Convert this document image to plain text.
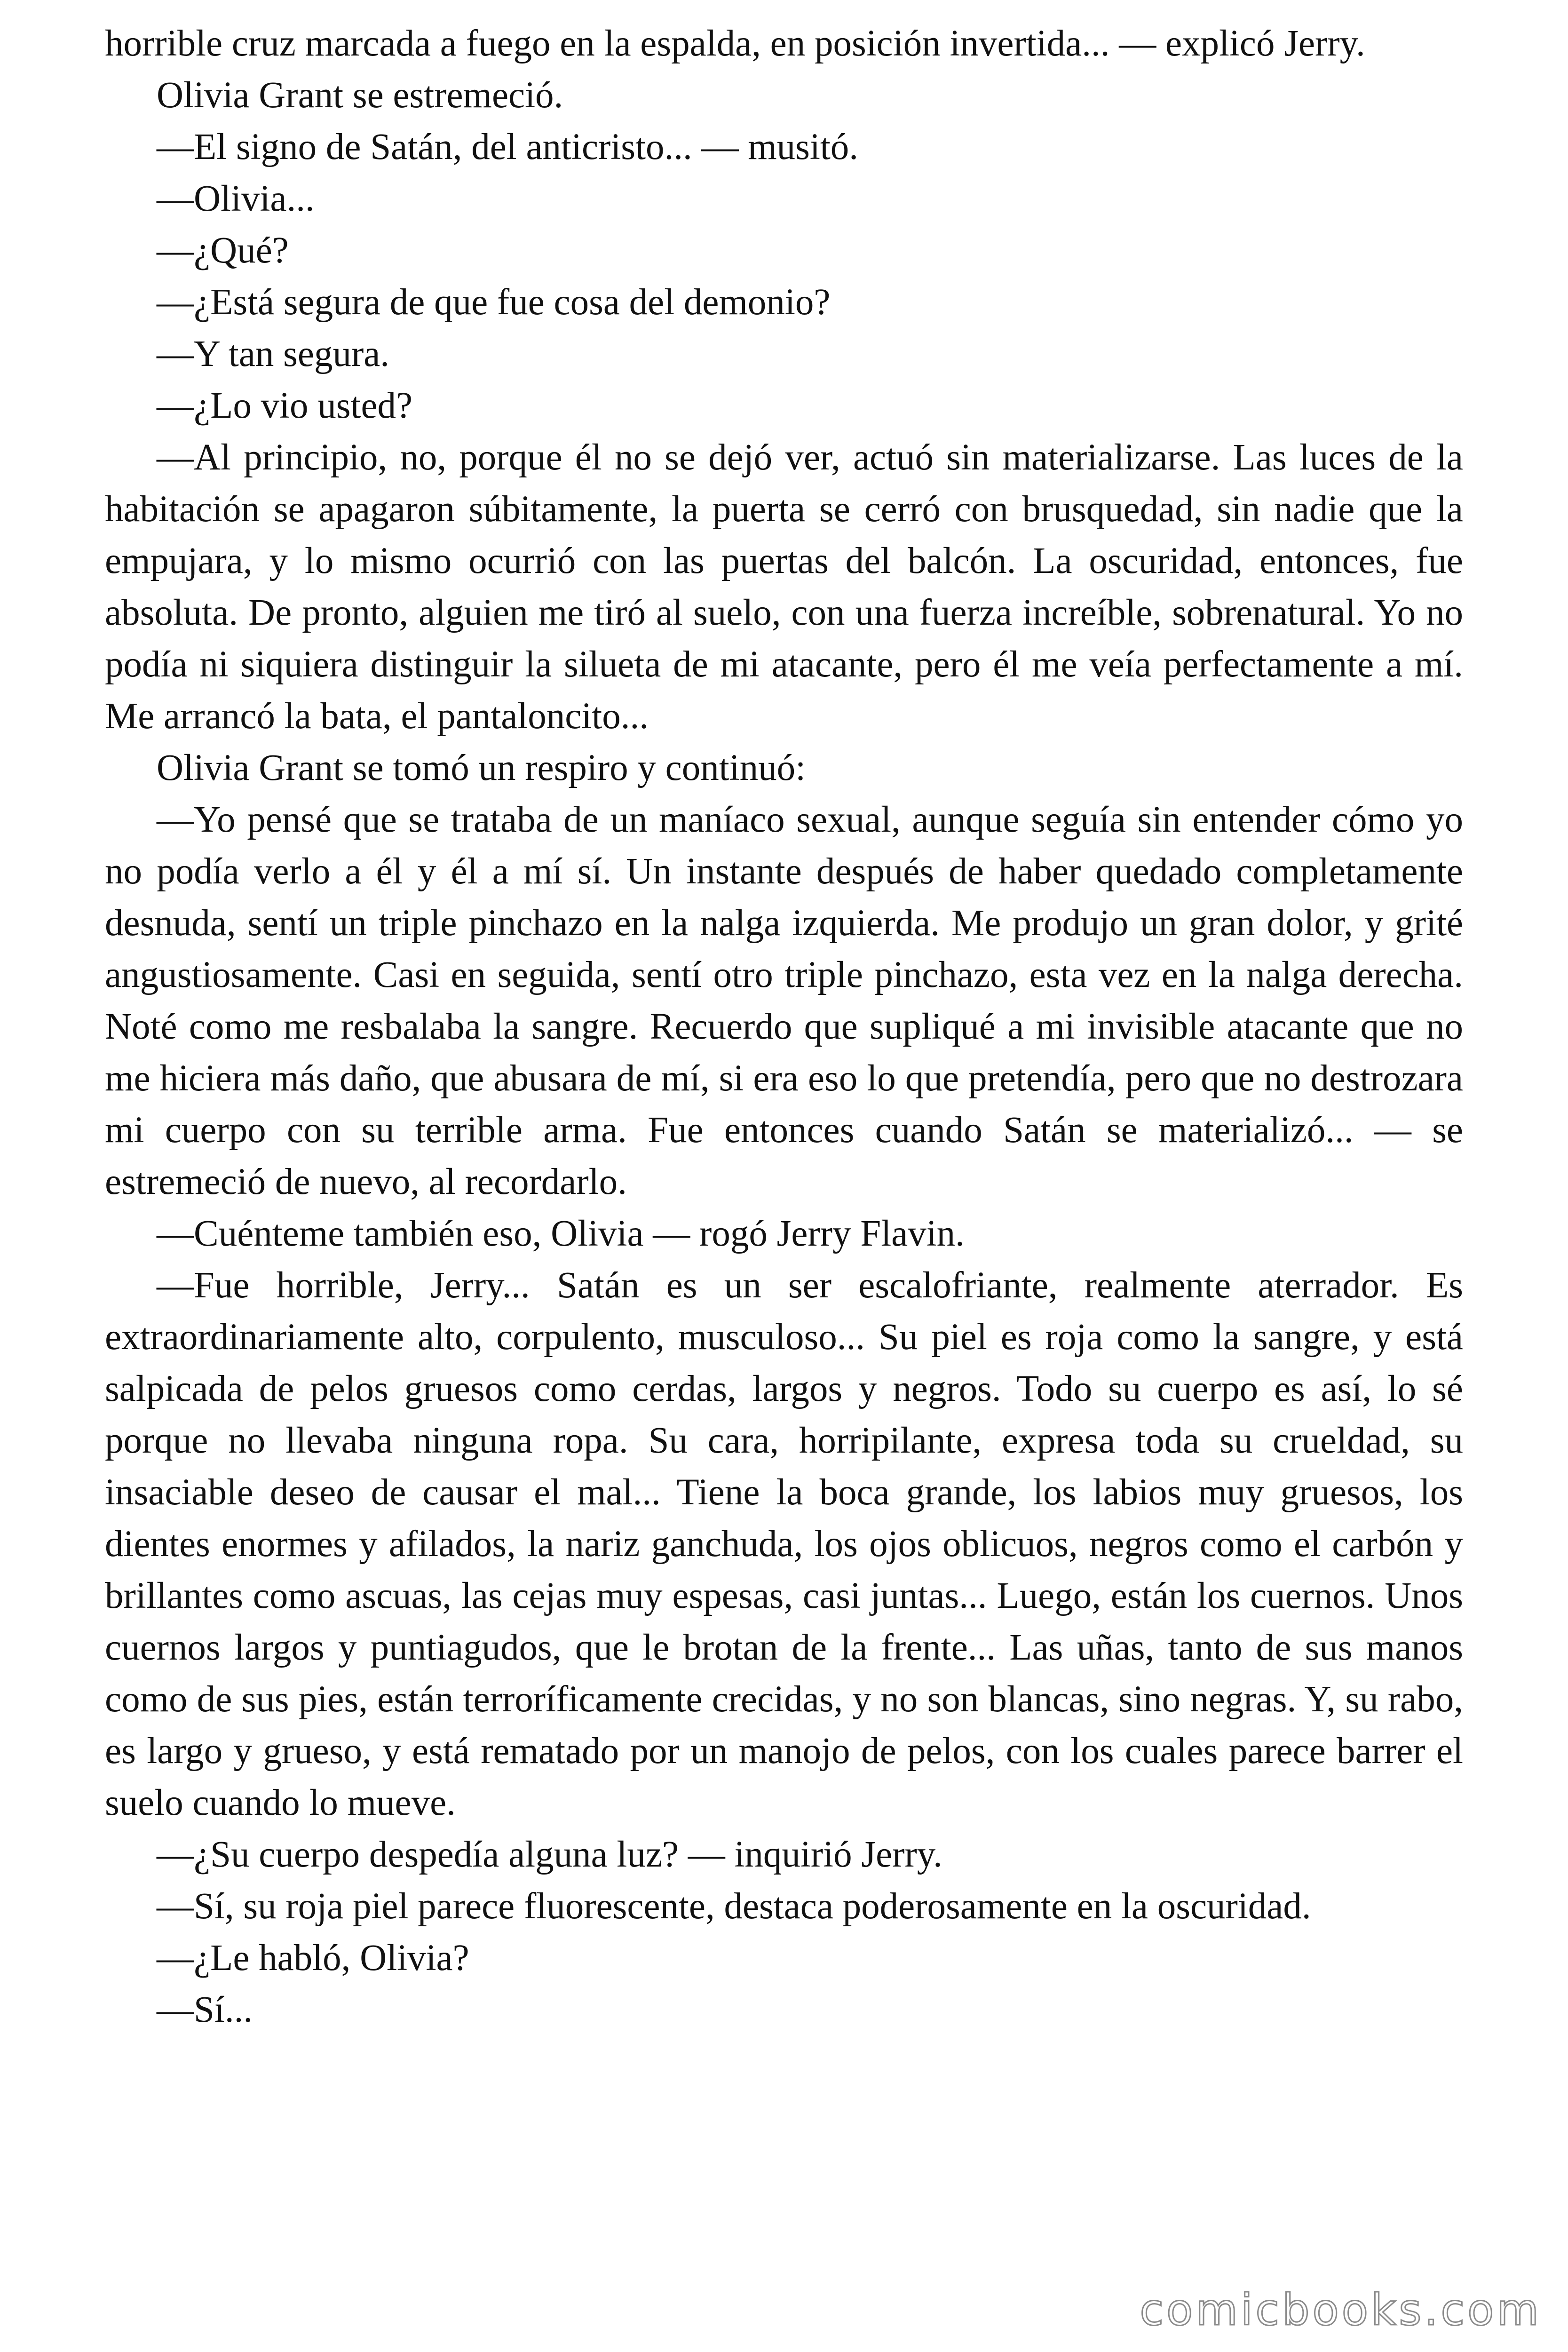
horrible cruz marcada a fuego en la espalda, en posición invertida... — explicó Jerry.

Olivia Grant se estremeció.

—El signo de Satán, del anticristo... — musitó.

—Olivia...

—¿Qué?

—¿Está segura de que fue cosa del demonio?

—Y tan segura.

—¿Lo vio usted?

—Al principio, no, porque él no se dejó ver, actuó sin materializarse. Las luces de la habitación se apagaron súbitamente, la puerta se cerró con brusquedad, sin nadie que la empujara, y lo mismo ocurrió con las puertas del balcón. La oscuridad, entonces, fue absoluta. De pronto, alguien me tiró al suelo, con una fuerza increíble, sobrenatural. Yo no podía ni siquiera distinguir la silueta de mi atacante, pero él me veía perfectamente a mí. Me arrancó la bata, el pantaloncito...

Olivia Grant se tomó un respiro y continuó:

—Yo pensé que se trataba de un maníaco sexual, aunque seguía sin entender cómo yo no podía verlo a él y él a mí sí. Un instante después de haber quedado completamente desnuda, sentí un triple pinchazo en la nalga izquierda. Me produjo un gran dolor, y grité angustiosamente. Casi en seguida, sentí otro triple pinchazo, esta vez en la nalga derecha. Noté como me resbalaba la sangre. Recuerdo que supliqué a mi invisible atacante que no me hiciera más daño, que abusara de mí, si era eso lo que pretendía, pero que no destrozara mi cuerpo con su terrible arma. Fue entonces cuando Satán se materializó... — se estremeció de nuevo, al recordarlo.

—Cuénteme también eso, Olivia — rogó Jerry Flavin.

—Fue horrible, Jerry... Satán es un ser escalofriante, realmente aterrador. Es extraordinariamente alto, corpulento, musculoso... Su piel es roja como la sangre, y está salpicada de pelos gruesos como cerdas, largos y negros. Todo su cuerpo es así, lo sé porque no llevaba ninguna ropa. Su cara, horripilante, expresa toda su crueldad, su insaciable deseo de causar el mal... Tiene la boca grande, los labios muy gruesos, los dientes enormes y afilados, la nariz ganchuda, los ojos oblicuos, negros como el carbón y brillantes como ascuas, las cejas muy espesas, casi juntas... Luego, están los cuernos. Unos cuernos largos y puntiagudos, que le brotan de la frente... Las uñas, tanto de sus manos como de sus pies, están terroríficamente crecidas, y no son blancas, sino negras. Y, su rabo, es largo y grueso, y está rematado por un manojo de pelos, con los cuales parece barrer el suelo cuando lo mueve.

—¿Su cuerpo despedía alguna luz? — inquirió Jerry.

—Sí, su roja piel parece fluorescente, destaca poderosamente en la oscuridad.

—¿Le habló, Olivia?

—Sí...

comicbooks.com
